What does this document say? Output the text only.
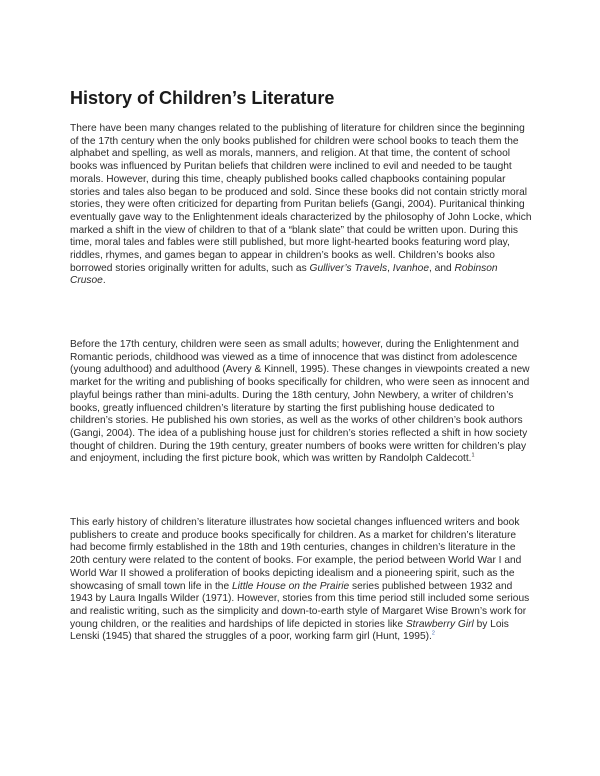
History of Children’s Literature

There have been many changes related to the publishing of literature for children since the beginning of the 17th century when the only books published for children were school books to teach them the alphabet and spelling, as well as morals, manners, and religion. At that time, the content of school books was influenced by Puritan beliefs that children were inclined to evil and needed to be taught morals. However, during this time, cheaply published books called chapbooks containing popular stories and tales also began to be produced and sold. Since these books did not contain strictly moral stories, they were often criticized for departing from Puritan beliefs (Gangi, 2004). Puritanical thinking eventually gave way to the Enlightenment ideals characterized by the philosophy of John Locke, which marked a shift in the view of children to that of a “blank slate” that could be written upon. During this time, moral tales and fables were still published, but more light-hearted books featuring word play, riddles, rhymes, and games began to appear in children’s books as well. Children’s books also borrowed stories originally written for adults, such as Gulliver’s Travels, Ivanhoe, and Robinson Crusoe.

Before the 17th century, children were seen as small adults; however, during the Enlightenment and Romantic periods, childhood was viewed as a time of innocence that was distinct from adolescence (young adulthood) and adulthood (Avery & Kinnell, 1995). These changes in viewpoints created a new market for the writing and publishing of books specifically for children, who were seen as innocent and playful beings rather than mini-adults. During the 18th century, John Newbery, a writer of children’s books, greatly influenced children’s literature by starting the first publishing house dedicated to children’s stories. He published his own stories, as well as the works of other children’s book authors (Gangi, 2004). The idea of a publishing house just for children’s stories reflected a shift in how society thought of children. During the 19th century, greater numbers of books were written for children’s play and enjoyment, including the first picture book, which was written by Randolph Caldecott.$^1$

This early history of children’s literature illustrates how societal changes influenced writers and book publishers to create and produce books specifically for children. As a market for children’s literature had become firmly established in the 18th and 19th centuries, changes in children’s literature in the 20th century were related to the content of books. For example, the period between World War I and World War II showed a proliferation of books depicting idealism and a pioneering spirit, such as the showcasing of small town life in the Little House on the Prairie series published between 1932 and 1943 by Laura Ingalls Wilder (1971). However, stories from this time period still included some serious and realistic writing, such as the simplicity and down-to-earth style of Margaret Wise Brown’s work for young children, or the realities and hardships of life depicted in stories like Strawberry Girl by Lois Lenski (1945) that shared the struggles of a poor, working farm girl (Hunt, 1995).$^2$
